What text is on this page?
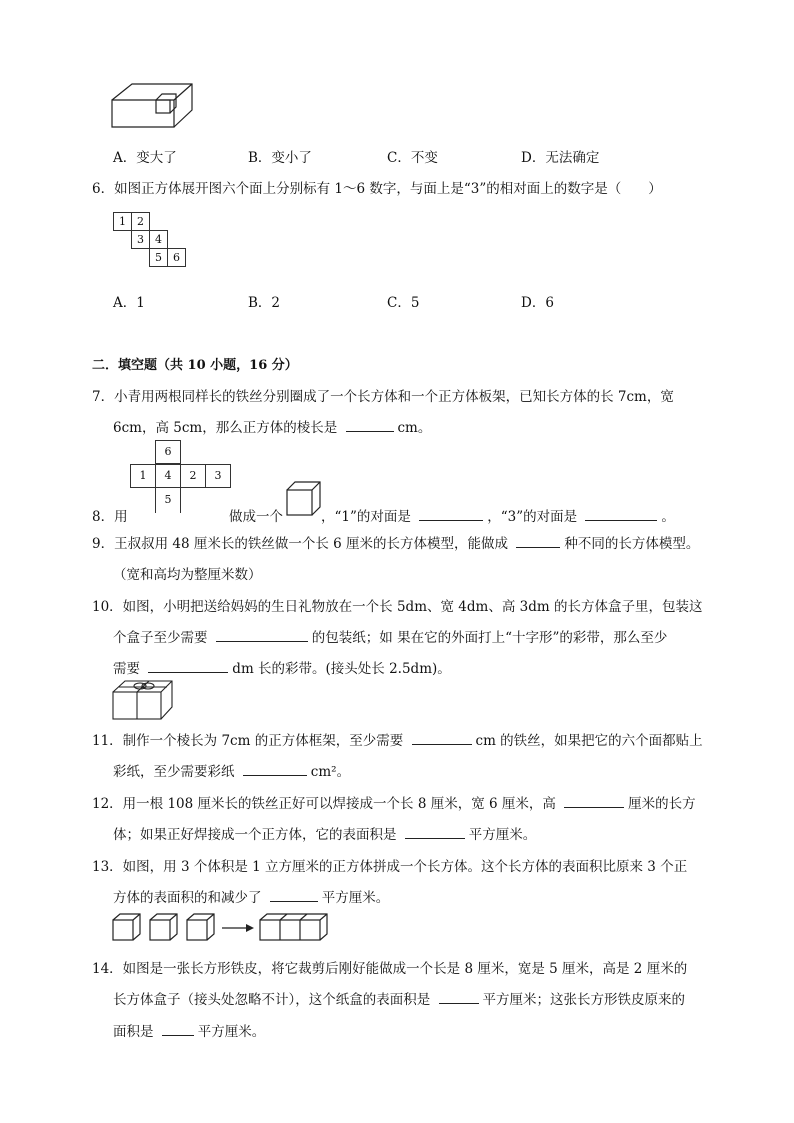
A．变大了	B．变小了	C．不变	D．无法确定
6．如图正方体展开图六个面上分别标有 1～6 数字，与面上是“3”的相对面上的数字是（　　）
1	2
3	4
5	6
A．1	B．2	C．5	D．6
二．填空题（共 10 小题，16 分）
7．小青用两根同样长的铁丝分别圈成了一个长方体和一个正方体板架，已知长方体的长 7cm，宽
6cm，高 5cm，那么正方体的棱长是	cm。
6
1	4	2	3
5
8．用	做成一个	，“1”的对面是	，“3”的对面是	。
9．王叔叔用 48 厘米长的铁丝做一个长 6 厘米的长方体模型，能做成	种不同的长方体模型。
（宽和高均为整厘米数）
10．如图，小明把送给妈妈的生日礼物放在一个长 5dm、宽 4dm、高 3dm 的长方体盒子里，包装这
个盒子至少需要	的包装纸；如 果在它的外面打上“十字形”的彩带，那么至少
需要	dm 长的彩带。(接头处长 2.5dm)。
11．制作一个棱长为 7cm 的正方体框架，至少需要	cm 的铁丝，如果把它的六个面都贴上
彩纸，至少需要彩纸	cm²。
12．用一根 108 厘米长的铁丝正好可以焊接成一个长 8 厘米，宽 6 厘米，高	厘米的长方
体；如果正好焊接成一个正方体，它的表面积是	平方厘米。
13．如图，用 3 个体积是 1 立方厘米的正方体拼成一个长方体。这个长方体的表面积比原来 3 个正
方体的表面积的和减少了	平方厘米。
14．如图是一张长方形铁皮，将它裁剪后刚好能做成一个长是 8 厘米，宽是 5 厘米，高是 2 厘米的
长方体盒子（接头处忽略不计），这个纸盒的表面积是	平方厘米；这张长方形铁皮原来的
面积是	平方厘米。
